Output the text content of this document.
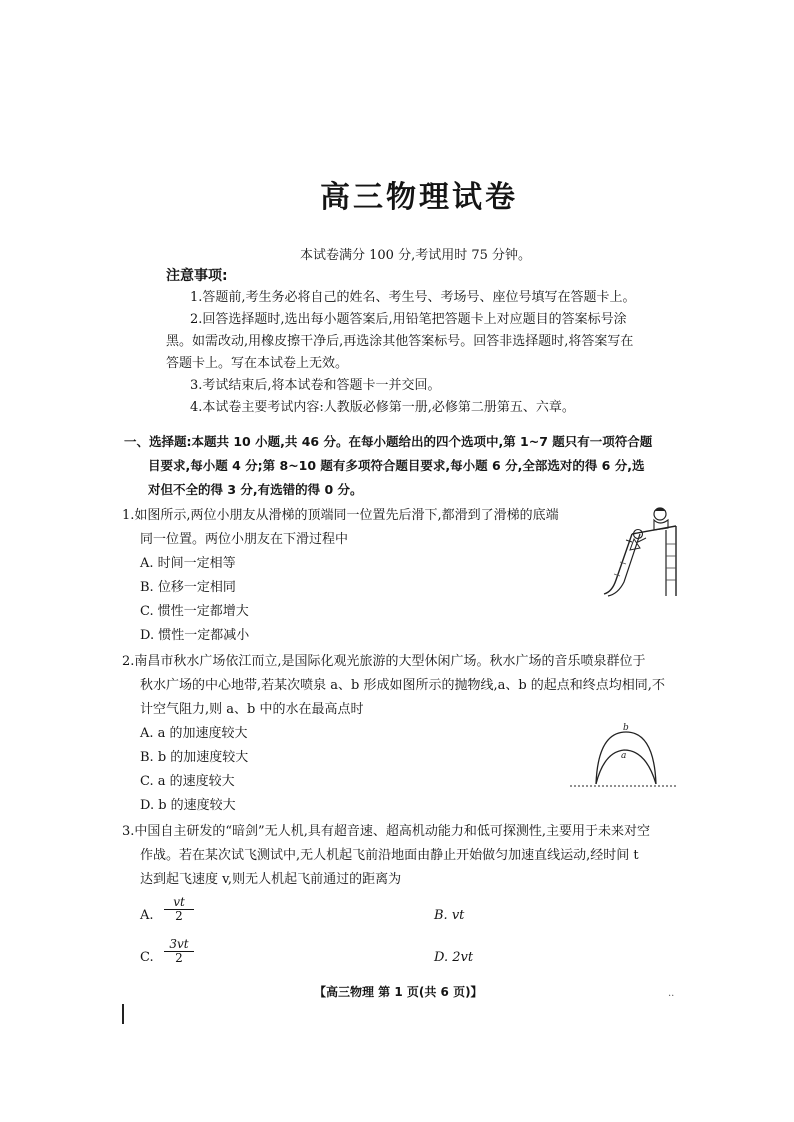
高三物理试卷
本试卷满分 100 分,考试用时 75 分钟。
注意事项:
1.答题前,考生务必将自己的姓名、考生号、考场号、座位号填写在答题卡上。
2.回答选择题时,选出每小题答案后,用铅笔把答题卡上对应题目的答案标号涂
黑。如需改动,用橡皮擦干净后,再选涂其他答案标号。回答非选择题时,将答案写在
答题卡上。写在本试卷上无效。
3.考试结束后,将本试卷和答题卡一并交回。
4.本试卷主要考试内容:人教版必修第一册,必修第二册第五、六章。
一、选择题:本题共 10 小题,共 46 分。在每小题给出的四个选项中,第 1~7 题只有一项符合题
目要求,每小题 4 分;第 8~10 题有多项符合题目要求,每小题 6 分,全部选对的得 6 分,选
对但不全的得 3 分,有选错的得 0 分。
1.如图所示,两位小朋友从滑梯的顶端同一位置先后滑下,都滑到了滑梯的底端
同一位置。两位小朋友在下滑过程中
A. 时间一定相等
B. 位移一定相同
C. 惯性一定都增大
D. 惯性一定都减小
2.南昌市秋水广场依江而立,是国际化观光旅游的大型休闲广场。秋水广场的音乐喷泉群位于
秋水广场的中心地带,若某次喷泉 a、b 形成如图所示的抛物线,a、b 的起点和终点均相同,不
计空气阻力,则 a、b 中的水在最高点时
A. a 的加速度较大
B. b 的加速度较大
C. a 的速度较大
D. b 的速度较大
b
a
3.中国自主研发的“暗剑”无人机,具有超音速、超高机动能力和低可探测性,主要用于未来对空
作战。若在某次试飞测试中,无人机起飞前沿地面由静止开始做匀加速直线运动,经时间 t
达到起飞速度 v,则无人机起飞前通过的距离为
A. $\frac{vt}{2}$	B. vt
C. $\frac{3vt}{2}$	D. 2vt
【高三物理 第 1 页(共 6 页)】	..
